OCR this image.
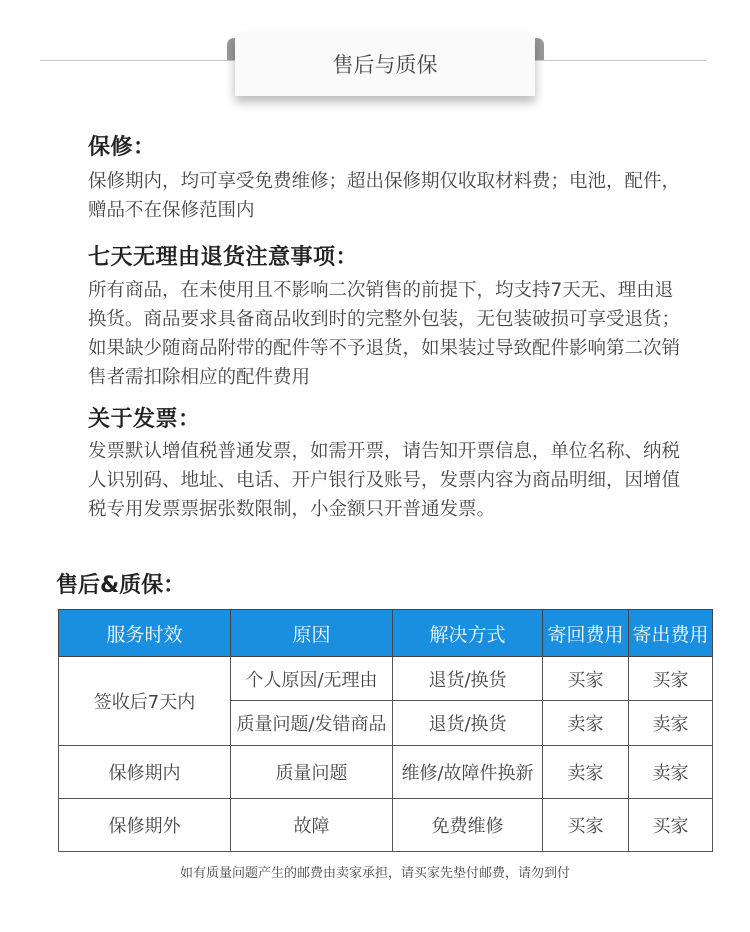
售后与质保
保修：

保修期内，均可享受免费维修；超出保修期仅收取材料费；电池，配件，赠品不在保修范围内

七天无理由退货注意事项：

所有商品，在未使用且不影响二次销售的前提下，均支持7天无、理由退换货。商品要求具备商品收到时的完整外包装，无包装破损可享受退货；如果缺少随商品附带的配件等不予退货，如果装过导致配件影响第二次销售者需扣除相应的配件费用

关于发票：

发票默认增值税普通发票，如需开票，请告知开票信息，单位名称、纳税人识别码、地址、电话、开户银行及账号，发票内容为商品明细，因增值税专用发票票据张数限制，小金额只开普通发票。

售后&质保：
服务时效	原因	解决方式	寄回费用	寄出费用
签收后7天内	个人原因/无理由	退货/换货	买家	买家
	质量问题/发错商品	退货/换货	卖家	卖家
保修期内	质量问题	维修/故障件换新	卖家	卖家
保修期外	故障	免费维修	买家	买家
如有质量问题产生的邮费由卖家承担，请买家先垫付邮费，请勿到付
